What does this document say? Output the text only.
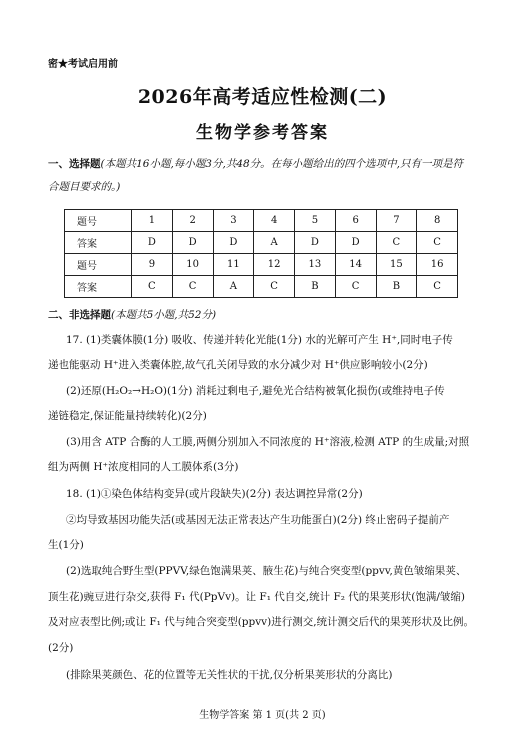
密★考试启用前
2026年高考适应性检测(二)
生物学参考答案
一、选择题(本题共16小题,每小题3分,共48分。在每小题给出的四个选项中,只有一项是符
合题目要求的。)
题号	1	2	3	4	5	6	7	8
答案	D	D	D	A	D	D	C	C
题号	9	10	11	12	13	14	15	16
答案	C	C	A	C	B	C	B	C
二、非选择题(本题共5小题,共52分)
17. (1)类囊体膜(1分) 吸收、传递并转化光能(1分) 水的光解可产生 H⁺,同时电子传
递也能驱动 H⁺进入类囊体腔,故气孔关闭导致的水分减少对 H⁺供应影响较小(2分)
(2)还原(H₂O₂→H₂O)(1分) 消耗过剩电子,避免光合结构被氧化损伤(或维持电子传
递链稳定,保证能量持续转化)(2分)
(3)用含 ATP 合酶的人工膜,两侧分别加入不同浓度的 H⁺溶液,检测 ATP 的生成量;对照
组为两侧 H⁺浓度相同的人工膜体系(3分)
18. (1)①染色体结构变异(或片段缺失)(2分) 表达调控异常(2分)
②均导致基因功能失活(或基因无法正常表达产生功能蛋白)(2分) 终止密码子提前产
生(1分)
(2)选取纯合野生型(PPVV,绿色饱满果荚、腋生花)与纯合突变型(ppvv,黄色皱缩果荚、
顶生花)豌豆进行杂交,获得 F₁ 代(PpVv)。让 F₁ 代自交,统计 F₂ 代的果荚形状(饱满/皱缩)
及对应表型比例;或让 F₁ 代与纯合突变型(ppvv)进行测交,统计测交后代的果荚形状及比例。
(2分)
(排除果荚颜色、花的位置等无关性状的干扰,仅分析果荚形状的分离比)
生物学答案 第 1 页(共 2 页)
